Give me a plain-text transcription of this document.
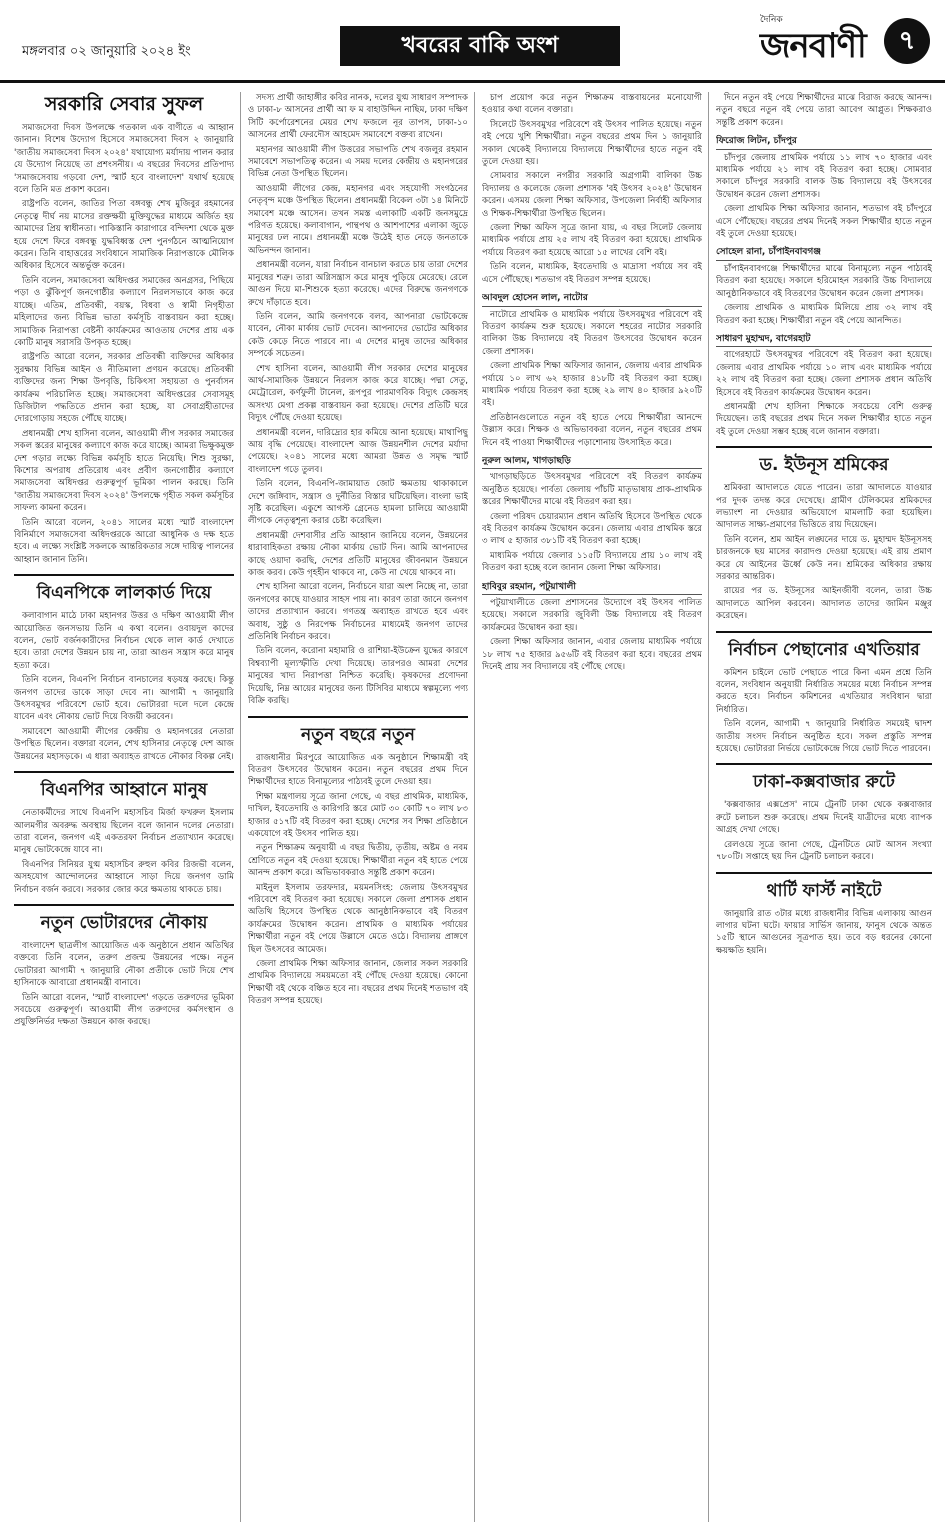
মঙ্গলবার ০২ জানুয়ারি ২০২৪ ইং	খবরের বাকি অংশ
দৈনিক
জনবাণী	৭
সরকারি সেবার সুফল

সমাজসেবা দিবস উপলক্ষে গতকাল এক বাণীতে এ আহ্বান জানান। বিশেষ উদ্যোগ হিসেবে সমাজসেবা দিবস ২ জানুয়ারি 'জাতীয় সমাজসেবা দিবস ২০২৪' যথাযোগ্য মর্যাদায় পালন করার যে উদ্যোগ নিয়েছে তা প্রশংসনীয়। এ বছরের দিবসের প্রতিপাদ্য 'সমাজসেবায় গড়বো দেশ, স্মার্ট হবে বাংলাদেশ' যথার্থ হয়েছে বলে তিনি মত প্রকাশ করেন।

রাষ্ট্রপতি বলেন, জাতির পিতা বঙ্গবন্ধু শেখ মুজিবুর রহমানের নেতৃত্বে দীর্ঘ নয় মাসের রক্তক্ষয়ী মুক্তিযুদ্ধের মাধ্যমে অর্জিত হয় আমাদের প্রিয় স্বাধীনতা। পাকিস্তানি কারাগারে বন্দিদশা থেকে মুক্ত হয়ে দেশে ফিরে বঙ্গবন্ধু যুদ্ধবিধ্বস্ত দেশ পুনর্গঠনে আত্মনিয়োগ করেন। তিনি বাহাত্তরের সংবিধানে সামাজিক নিরাপত্তাকে মৌলিক অধিকার হিসেবে অন্তর্ভুক্ত করেন।

তিনি বলেন, সমাজসেবা অধিদপ্তর সমাজের অনগ্রসর, পিছিয়ে পড়া ও ঝুঁকিপূর্ণ জনগোষ্ঠীর কল্যাণে নিরলসভাবে কাজ করে যাচ্ছে। এতিম, প্রতিবন্ধী, বয়স্ক, বিধবা ও স্বামী নিগৃহীতা মহিলাদের জন্য বিভিন্ন ভাতা কর্মসূচি বাস্তবায়ন করা হচ্ছে। সামাজিক নিরাপত্তা বেষ্টনী কার্যক্রমের আওতায় দেশের প্রায় এক কোটি মানুষ সরাসরি উপকৃত হচ্ছে।

রাষ্ট্রপতি আরো বলেন, সরকার প্রতিবন্ধী ব্যক্তিদের অধিকার সুরক্ষায় বিভিন্ন আইন ও নীতিমালা প্রণয়ন করেছে। প্রতিবন্ধী ব্যক্তিদের জন্য শিক্ষা উপবৃত্তি, চিকিৎসা সহায়তা ও পুনর্বাসন কার্যক্রম পরিচালিত হচ্ছে। সমাজসেবা অধিদপ্তরের সেবাসমূহ ডিজিটাল পদ্ধতিতে প্রদান করা হচ্ছে, যা সেবাগ্রহীতাদের দোরগোড়ায় সহজে পৌঁছে যাচ্ছে।

প্রধানমন্ত্রী শেখ হাসিনা বলেন, আওয়ামী লীগ সরকার সমাজের সকল স্তরের মানুষের কল্যাণে কাজ করে যাচ্ছে। আমরা ভিক্ষুকমুক্ত দেশ গড়ার লক্ষ্যে বিভিন্ন কর্মসূচি হাতে নিয়েছি। শিশু সুরক্ষা, কিশোর অপরাধ প্রতিরোধ এবং প্রবীণ জনগোষ্ঠীর কল্যাণে সমাজসেবা অধিদপ্তর গুরুত্বপূর্ণ ভূমিকা পালন করছে। তিনি 'জাতীয় সমাজসেবা দিবস ২০২৪' উপলক্ষে গৃহীত সকল কর্মসূচির সাফল্য কামনা করেন।

তিনি আরো বলেন, ২০৪১ সালের মধ্যে স্মার্ট বাংলাদেশ বিনির্মাণে সমাজসেবা অধিদপ্তরকে আরো আধুনিক ও দক্ষ হতে হবে। এ লক্ষ্যে সংশ্লিষ্ট সকলকে আন্তরিকতার সঙ্গে দায়িত্ব পালনের আহ্বান জানান তিনি।

বিএনপিকে লালকার্ড দিয়ে

কলাবাগান মাঠে ঢাকা মহানগর উত্তর ও দক্ষিণ আওয়ামী লীগ আয়োজিত জনসভায় তিনি এ কথা বলেন। ওবায়দুল কাদের বলেন, ভোট বর্জনকারীদের নির্বাচন থেকে লাল কার্ড দেখাতে হবে। তারা দেশের উন্নয়ন চায় না, তারা আগুন সন্ত্রাস করে মানুষ হত্যা করে।

তিনি বলেন, বিএনপি নির্বাচন বানচালের ষড়যন্ত্র করছে। কিন্তু জনগণ তাদের ডাকে সাড়া দেবে না। আগামী ৭ জানুয়ারি উৎসবমুখর পরিবেশে ভোট হবে। ভোটাররা দলে দলে কেন্দ্রে যাবেন এবং নৌকায় ভোট দিয়ে বিজয়ী করবেন।

সমাবেশে আওয়ামী লীগের কেন্দ্রীয় ও মহানগরের নেতারা উপস্থিত ছিলেন। বক্তারা বলেন, শেখ হাসিনার নেতৃত্বে দেশ আজ উন্নয়নের মহাসড়কে। এ ধারা অব্যাহত রাখতে নৌকার বিকল্প নেই।

বিএনপির আহ্বানে মানুষ

নেতাকর্মীদের সাথে বিএনপি মহাসচিব মির্জা ফখরুল ইসলাম আলমগীর অবরুদ্ধ অবস্থায় ছিলেন বলে জানান দলের নেতারা। তারা বলেন, জনগণ এই একতরফা নির্বাচন প্রত্যাখ্যান করেছে। মানুষ ভোটকেন্দ্রে যাবে না।

বিএনপির সিনিয়র যুগ্ম মহাসচিব রুহুল কবির রিজভী বলেন, অসহযোগ আন্দোলনের আহ্বানে সাড়া দিয়ে জনগণ ডামি নির্বাচন বর্জন করবে। সরকার জোর করে ক্ষমতায় থাকতে চায়।

নতুন ভোটারদের নৌকায়

বাংলাদেশ ছাত্রলীগ আয়োজিত এক অনুষ্ঠানে প্রধান অতিথির বক্তব্যে তিনি বলেন, তরুণ প্রজন্ম উন্নয়নের পক্ষে। নতুন ভোটাররা আগামী ৭ জানুয়ারি নৌকা প্রতীকে ভোট দিয়ে শেখ হাসিনাকে আবারো প্রধানমন্ত্রী বানাবে।

তিনি আরো বলেন, 'স্মার্ট বাংলাদেশ' গড়তে তরুণদের ভূমিকা সবচেয়ে গুরুত্বপূর্ণ। আওয়ামী লীগ তরুণদের কর্মসংস্থান ও প্রযুক্তিনির্ভর দক্ষতা উন্নয়নে কাজ করছে।

সদস্য প্রার্থী জাহাঙ্গীর কবির নানক, দলের যুগ্ম সাধারণ সম্পাদক ও ঢাকা-৮ আসনের প্রার্থী আ ফ ম বাহাউদ্দিন নাছিম, ঢাকা দক্ষিণ সিটি কর্পোরেশনের মেয়র শেখ ফজলে নূর তাপস, ঢাকা-১০ আসনের প্রার্থী ফেরদৌস আহমেদ সমাবেশে বক্তব্য রাখেন।

মহানগর আওয়ামী লীগ উত্তরের সভাপতি শেখ বজলুর রহমান সমাবেশে সভাপতিত্ব করেন। এ সময় দলের কেন্দ্রীয় ও মহানগরের বিভিন্ন নেতা উপস্থিত ছিলেন।

আওয়ামী লীগের কেন্দ্র, মহানগর এবং সহযোগী সংগঠনের নেতৃবৃন্দ মঞ্চে উপস্থিত ছিলেন। প্রধানমন্ত্রী বিকেল ৩টা ১৪ মিনিটে সমাবেশ মঞ্চে আসেন। তখন সমস্ত এলাকাটি একটি জনসমুদ্রে পরিণত হয়েছে। কলাবাগান, পান্থপথ ও আশপাশের এলাকা জুড়ে মানুষের ঢল নামে। প্রধানমন্ত্রী মঞ্চে উঠেই হাত নেড়ে জনতাকে অভিনন্দন জানান।

প্রধানমন্ত্রী বলেন, যারা নির্বাচন বানচাল করতে চায় তারা দেশের মানুষের শত্রু। তারা অগ্নিসন্ত্রাস করে মানুষ পুড়িয়ে মেরেছে। রেলে আগুন দিয়ে মা-শিশুকে হত্যা করেছে। এদের বিরুদ্ধে জনগণকে রুখে দাঁড়াতে হবে।

তিনি বলেন, আমি জনগণকে বলব, আপনারা ভোটকেন্দ্রে যাবেন, নৌকা মার্কায় ভোট দেবেন। আপনাদের ভোটের অধিকার কেউ কেড়ে নিতে পারবে না। এ দেশের মানুষ তাদের অধিকার সম্পর্কে সচেতন।

শেখ হাসিনা বলেন, আওয়ামী লীগ সরকার দেশের মানুষের আর্থ-সামাজিক উন্নয়নে নিরলস কাজ করে যাচ্ছে। পদ্মা সেতু, মেট্রোরেল, কর্ণফুলী টানেল, রূপপুর পারমাণবিক বিদ্যুৎ কেন্দ্রসহ অসংখ্য মেগা প্রকল্প বাস্তবায়ন করা হয়েছে। দেশের প্রতিটি ঘরে বিদ্যুৎ পৌঁছে দেওয়া হয়েছে।

প্রধানমন্ত্রী বলেন, দারিদ্র্যের হার কমিয়ে আনা হয়েছে। মাথাপিছু আয় বৃদ্ধি পেয়েছে। বাংলাদেশ আজ উন্নয়নশীল দেশের মর্যাদা পেয়েছে। ২০৪১ সালের মধ্যে আমরা উন্নত ও সমৃদ্ধ স্মার্ট বাংলাদেশ গড়ে তুলব।

তিনি বলেন, বিএনপি-জামায়াত জোট ক্ষমতায় থাকাকালে দেশে জঙ্গিবাদ, সন্ত্রাস ও দুর্নীতির বিস্তার ঘটিয়েছিল। বাংলা ভাই সৃষ্টি করেছিল। একুশে আগস্ট গ্রেনেড হামলা চালিয়ে আওয়ামী লীগকে নেতৃত্বশূন্য করার চেষ্টা করেছিল।

প্রধানমন্ত্রী দেশবাসীর প্রতি আহ্বান জানিয়ে বলেন, উন্নয়নের ধারাবাহিকতা রক্ষায় নৌকা মার্কায় ভোট দিন। আমি আপনাদের কাছে ওয়াদা করছি, দেশের প্রতিটি মানুষের জীবনমান উন্নয়নে কাজ করব। কেউ গৃহহীন থাকবে না, কেউ না খেয়ে থাকবে না।

শেখ হাসিনা আরো বলেন, নির্বাচনে যারা অংশ নিচ্ছে না, তারা জনগণের কাছে যাওয়ার সাহস পায় না। কারণ তারা জানে জনগণ তাদের প্রত্যাখ্যান করবে। গণতন্ত্র অব্যাহত রাখতে হবে এবং অবাধ, সুষ্ঠু ও নিরপেক্ষ নির্বাচনের মাধ্যমেই জনগণ তাদের প্রতিনিধি নির্বাচন করবে।

তিনি বলেন, করোনা মহামারি ও রাশিয়া-ইউক্রেন যুদ্ধের কারণে বিশ্বব্যাপী মূল্যস্ফীতি দেখা দিয়েছে। তারপরও আমরা দেশের মানুষের খাদ্য নিরাপত্তা নিশ্চিত করেছি। কৃষকদের প্রণোদনা দিয়েছি, নিম্ন আয়ের মানুষের জন্য টিসিবির মাধ্যমে স্বল্পমূল্যে পণ্য বিক্রি করছি।

নতুন বছরে নতুন

রাজধানীর মিরপুরে আয়োজিত এক অনুষ্ঠানে শিক্ষামন্ত্রী বই বিতরণ উৎসবের উদ্বোধন করেন। নতুন বছরের প্রথম দিনে শিক্ষার্থীদের হাতে বিনামূল্যের পাঠ্যবই তুলে দেওয়া হয়।

শিক্ষা মন্ত্রণালয় সূত্রে জানা গেছে, এ বছর প্রাথমিক, মাধ্যমিক, দাখিল, ইবতেদায়ি ও কারিগরি স্তরে মোট ৩০ কোটি ৭০ লাখ ৮৩ হাজার ৫১৭টি বই বিতরণ করা হচ্ছে। দেশের সব শিক্ষা প্রতিষ্ঠানে একযোগে বই উৎসব পালিত হয়।

নতুন শিক্ষাক্রম অনুযায়ী এ বছর দ্বিতীয়, তৃতীয়, অষ্টম ও নবম শ্রেণিতে নতুন বই দেওয়া হয়েছে। শিক্ষার্থীরা নতুন বই হাতে পেয়ে আনন্দ প্রকাশ করে। অভিভাবকরাও সন্তুষ্টি প্রকাশ করেন।

মাইনুল ইসলাম তরফদার, ময়মনসিংহ: জেলায় উৎসবমুখর পরিবেশে বই বিতরণ করা হয়েছে। সকালে জেলা প্রশাসক প্রধান অতিথি হিসেবে উপস্থিত থেকে আনুষ্ঠানিকভাবে বই বিতরণ কার্যক্রমের উদ্বোধন করেন। প্রাথমিক ও মাধ্যমিক পর্যায়ের শিক্ষার্থীরা নতুন বই পেয়ে উল্লাসে মেতে ওঠে। বিদ্যালয় প্রাঙ্গণে ছিল উৎসবের আমেজ।

জেলা প্রাথমিক শিক্ষা অফিসার জানান, জেলার সকল সরকারি প্রাথমিক বিদ্যালয়ে সময়মতো বই পৌঁছে দেওয়া হয়েছে। কোনো শিক্ষার্থী বই থেকে বঞ্চিত হবে না। বছরের প্রথম দিনেই শতভাগ বই বিতরণ সম্পন্ন হয়েছে।

চাপ প্রয়োগ করে নতুন শিক্ষাক্রম বাস্তবায়নের মনোযোগী হওয়ার কথা বলেন বক্তারা।

সিলেটে উৎসবমুখর পরিবেশে বই উৎসব পালিত হয়েছে। নতুন বই পেয়ে খুশি শিক্ষার্থীরা। নতুন বছরের প্রথম দিন ১ জানুয়ারি সকাল থেকেই বিদ্যালয়ে বিদ্যালয়ে শিক্ষার্থীদের হাতে নতুন বই তুলে দেওয়া হয়।

সোমবার সকালে নগরীর সরকারি অগ্রগামী বালিকা উচ্চ বিদ্যালয় ও কলেজে জেলা প্রশাসক 'বই উৎসব ২০২৪' উদ্বোধন করেন। এসময় জেলা শিক্ষা অফিসার, উপজেলা নির্বাহী অফিসার ও শিক্ষক-শিক্ষার্থীরা উপস্থিত ছিলেন।

জেলা শিক্ষা অফিস সূত্রে জানা যায়, এ বছর সিলেট জেলায় মাধ্যমিক পর্যায়ে প্রায় ২৫ লাখ বই বিতরণ করা হয়েছে। প্রাথমিক পর্যায়ে বিতরণ করা হয়েছে আরো ১৫ লাখের বেশি বই।

তিনি বলেন, মাধ্যমিক, ইবতেদায়ি ও মাদ্রাসা পর্যায়ে সব বই এসে পৌঁছেছে। শতভাগ বই বিতরণ সম্পন্ন হয়েছে।

আবদুল হোসেন লাল, নাটোর

নাটোরে প্রাথমিক ও মাধ্যমিক পর্যায়ে উৎসবমুখর পরিবেশে বই বিতরণ কার্যক্রম শুরু হয়েছে। সকালে শহরের নাটোর সরকারি বালিকা উচ্চ বিদ্যালয়ে বই বিতরণ উৎসবের উদ্বোধন করেন জেলা প্রশাসক।

জেলা প্রাথমিক শিক্ষা অফিসার জানান, জেলায় এবার প্রাথমিক পর্যায়ে ১০ লাখ ৬২ হাজার ৪১৮টি বই বিতরণ করা হচ্ছে। মাধ্যমিক পর্যায়ে বিতরণ করা হচ্ছে ২৯ লাখ ৪০ হাজার ৯২০টি বই।

প্রতিষ্ঠানগুলোতে নতুন বই হাতে পেয়ে শিক্ষার্থীরা আনন্দে উল্লাস করে। শিক্ষক ও অভিভাবকরা বলেন, নতুন বছরের প্রথম দিনে বই পাওয়া শিক্ষার্থীদের পড়াশোনায় উৎসাহিত করে।

নুরুল আলম, খাগড়াছড়ি

খাগড়াছড়িতে উৎসবমুখর পরিবেশে বই বিতরণ কার্যক্রম অনুষ্ঠিত হয়েছে। পার্বত্য জেলায় পাঁচটি মাতৃভাষায় প্রাক-প্রাথমিক স্তরের শিক্ষার্থীদের মাঝে বই বিতরণ করা হয়।

জেলা পরিষদ চেয়ারম্যান প্রধান অতিথি হিসেবে উপস্থিত থেকে বই বিতরণ কার্যক্রম উদ্বোধন করেন। জেলায় এবার প্রাথমিক স্তরে ৩ লাখ ৫ হাজার ৩৮১টি বই বিতরণ করা হচ্ছে।

মাধ্যমিক পর্যায়ে জেলার ১১৫টি বিদ্যালয়ে প্রায় ১০ লাখ বই বিতরণ করা হচ্ছে বলে জানান জেলা শিক্ষা অফিসার।

হাবিবুর রহমান, পটুয়াখালী

পটুয়াখালীতে জেলা প্রশাসনের উদ্যোগে বই উৎসব পালিত হয়েছে। সকালে সরকারি জুবিলী উচ্চ বিদ্যালয়ে বই বিতরণ কার্যক্রমের উদ্বোধন করা হয়।

জেলা শিক্ষা অফিসার জানান, এবার জেলায় মাধ্যমিক পর্যায়ে ১৮ লাখ ৭৫ হাজার ৯৫৬টি বই বিতরণ করা হবে। বছরের প্রথম দিনেই প্রায় সব বিদ্যালয়ে বই পৌঁছে গেছে।

দিনে নতুন বই পেয়ে শিক্ষার্থীদের মাঝে বিরাজ করছে আনন্দ। নতুন বছরে নতুন বই পেয়ে তারা আবেগ আপ্লুত। শিক্ষকরাও সন্তুষ্টি প্রকাশ করেন।

ফিরোজ লিটন, চাঁদপুর

চাঁদপুর জেলায় প্রাথমিক পর্যায়ে ১১ লাখ ৭০ হাজার এবং মাধ্যমিক পর্যায়ে ২১ লাখ বই বিতরণ করা হচ্ছে। সোমবার সকালে চাঁদপুর সরকারি বালক উচ্চ বিদ্যালয়ে বই উৎসবের উদ্বোধন করেন জেলা প্রশাসক।

জেলা প্রাথমিক শিক্ষা অফিসার জানান, শতভাগ বই চাঁদপুরে এসে পৌঁছেছে। বছরের প্রথম দিনেই সকল শিক্ষার্থীর হাতে নতুন বই তুলে দেওয়া হয়েছে।

সোহেল রানা, চাঁপাইনবাবগঞ্জ

চাঁপাইনবাবগঞ্জে শিক্ষার্থীদের মাঝে বিনামূল্যে নতুন পাঠ্যবই বিতরণ করা হয়েছে। সকালে হরিমোহন সরকারি উচ্চ বিদ্যালয়ে আনুষ্ঠানিকভাবে বই বিতরণের উদ্বোধন করেন জেলা প্রশাসক।

জেলায় প্রাথমিক ও মাধ্যমিক মিলিয়ে প্রায় ৩২ লাখ বই বিতরণ করা হচ্ছে। শিক্ষার্থীরা নতুন বই পেয়ে আনন্দিত।

সাধারণ মুহাম্মদ, বাগেরহাট

বাগেরহাটে উৎসবমুখর পরিবেশে বই বিতরণ করা হয়েছে। জেলায় এবার প্রাথমিক পর্যায়ে ১০ লাখ এবং মাধ্যমিক পর্যায়ে ২২ লাখ বই বিতরণ করা হচ্ছে। জেলা প্রশাসক প্রধান অতিথি হিসেবে বই বিতরণ কার্যক্রমের উদ্বোধন করেন।

প্রধানমন্ত্রী শেখ হাসিনা শিক্ষাকে সবচেয়ে বেশি গুরুত্ব দিয়েছেন। তাই বছরের প্রথম দিনে সকল শিক্ষার্থীর হাতে নতুন বই তুলে দেওয়া সম্ভব হচ্ছে বলে জানান বক্তারা।

ড. ইউনূস শ্রমিকের

শ্রমিকরা আদালতে যেতে পারেন। তারা আদালতে যাওয়ার পর দুদক তদন্ত করে দেখেছে। গ্রামীণ টেলিকমের শ্রমিকদের লভ্যাংশ না দেওয়ার অভিযোগে মামলাটি করা হয়েছিল। আদালত সাক্ষ্য-প্রমাণের ভিত্তিতে রায় দিয়েছেন।

তিনি বলেন, শ্রম আইন লঙ্ঘনের দায়ে ড. মুহাম্মদ ইউনূসসহ চারজনকে ছয় মাসের কারাদণ্ড দেওয়া হয়েছে। এই রায় প্রমাণ করে যে আইনের ঊর্ধ্বে কেউ নন। শ্রমিকের অধিকার রক্ষায় সরকার আন্তরিক।

রায়ের পর ড. ইউনূসের আইনজীবী বলেন, তারা উচ্চ আদালতে আপিল করবেন। আদালত তাদের জামিন মঞ্জুর করেছেন।

নির্বাচন পেছানোর এখতিয়ার

কমিশন চাইলে ভোট পেছাতে পারে কিনা এমন প্রশ্নে তিনি বলেন, সংবিধান অনুযায়ী নির্ধারিত সময়ের মধ্যে নির্বাচন সম্পন্ন করতে হবে। নির্বাচন কমিশনের এখতিয়ার সংবিধান দ্বারা নির্ধারিত।

তিনি বলেন, আগামী ৭ জানুয়ারি নির্ধারিত সময়েই দ্বাদশ জাতীয় সংসদ নির্বাচন অনুষ্ঠিত হবে। সকল প্রস্তুতি সম্পন্ন হয়েছে। ভোটাররা নির্ভয়ে ভোটকেন্দ্রে গিয়ে ভোট দিতে পারবেন।

ঢাকা-কক্সবাজার রুটে

'কক্সবাজার এক্সপ্রেস' নামে ট্রেনটি ঢাকা থেকে কক্সবাজার রুটে চলাচল শুরু করেছে। প্রথম দিনেই যাত্রীদের মধ্যে ব্যাপক আগ্রহ দেখা গেছে।

রেলওয়ে সূত্রে জানা গেছে, ট্রেনটিতে মোট আসন সংখ্যা ৭৮০টি। সপ্তাহে ছয় দিন ট্রেনটি চলাচল করবে।

থার্টি ফার্স্ট নাইটে

জানুয়ারি রাত ৩টার মধ্যে রাজধানীর বিভিন্ন এলাকায় আগুন লাগার ঘটনা ঘটে। ফায়ার সার্ভিস জানায়, ফানুস থেকে অন্তত ১৫টি স্থানে আগুনের সূত্রপাত হয়। তবে বড় ধরনের কোনো ক্ষয়ক্ষতি হয়নি।
